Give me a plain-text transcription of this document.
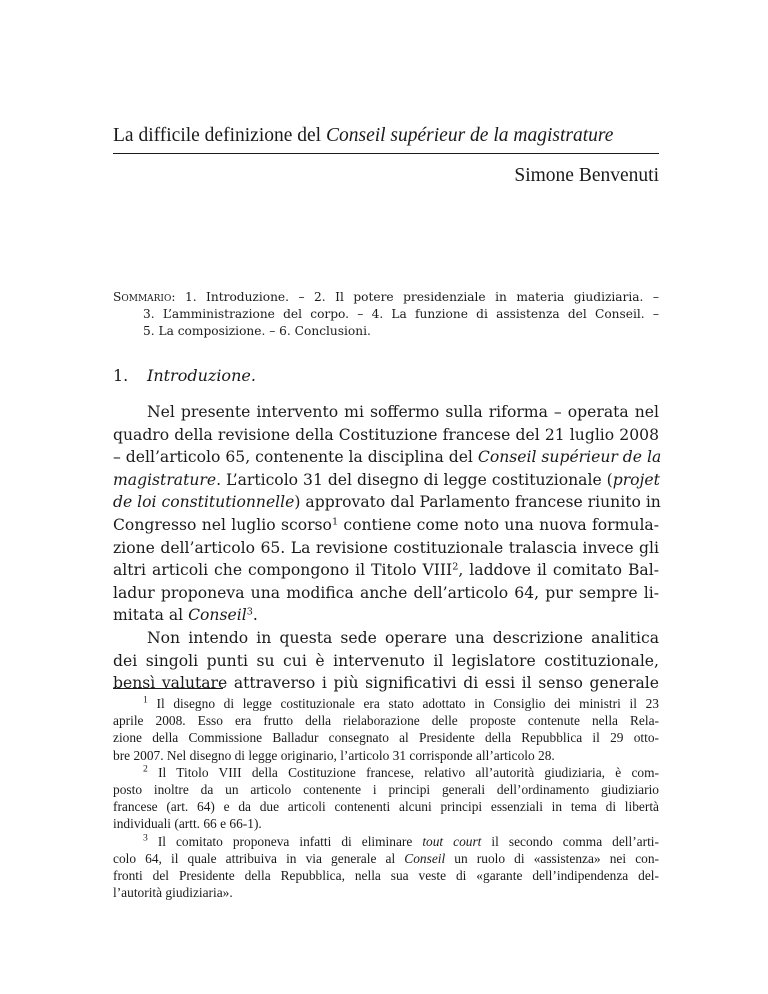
La difficile definizione del Conseil supérieur de la magistrature
Simone Benvenuti
Sommario: 1. Introduzione. – 2. Il potere presidenziale in materia giudiziaria. –
3. L’amministrazione del corpo. – 4. La funzione di assistenza del Conseil. –
5. La composizione. – 6. Conclusioni.
1. Introduzione.
Nel presente intervento mi soffermo sulla riforma – operata nel
quadro della revisione della Costituzione francese del 21 luglio 2008
– dell’articolo 65, contenente la disciplina del Conseil supérieur de la
magistrature. L’articolo 31 del disegno di legge costituzionale (projet
de loi constitutionnelle) approvato dal Parlamento francese riunito in
Congresso nel luglio scorso$^1$ contiene come noto una nuova formula-
zione dell’articolo 65. La revisione costituzionale tralascia invece gli
altri articoli che compongono il Titolo VIII$^2$, laddove il comitato Bal-
ladur proponeva una modifica anche dell’articolo 64, pur sempre li-
mitata al Conseil$^3$.
Non intendo in questa sede operare una descrizione analitica
dei singoli punti su cui è intervenuto il legislatore costituzionale,
bensì valutare attraverso i più significativi di essi il senso generale
$^1$ Il disegno di legge costituzionale era stato adottato in Consiglio dei ministri il 23
aprile 2008. Esso era frutto della rielaborazione delle proposte contenute nella Rela-
zione della Commissione Balladur consegnato al Presidente della Repubblica il 29 otto-
bre 2007. Nel disegno di legge originario, l’articolo 31 corrisponde all’articolo 28.
$^2$ Il Titolo VIII della Costituzione francese, relativo all’autorità giudiziaria, è com-
posto inoltre da un articolo contenente i principi generali dell’ordinamento giudiziario
francese (art. 64) e da due articoli contenenti alcuni principi essenziali in tema di libertà
individuali (artt. 66 e 66-1).
$^3$ Il comitato proponeva infatti di eliminare tout court il secondo comma dell’arti-
colo 64, il quale attribuiva in via generale al Conseil un ruolo di «assistenza» nei con-
fronti del Presidente della Repubblica, nella sua veste di «garante dell’indipendenza del-
l’autorità giudiziaria».
